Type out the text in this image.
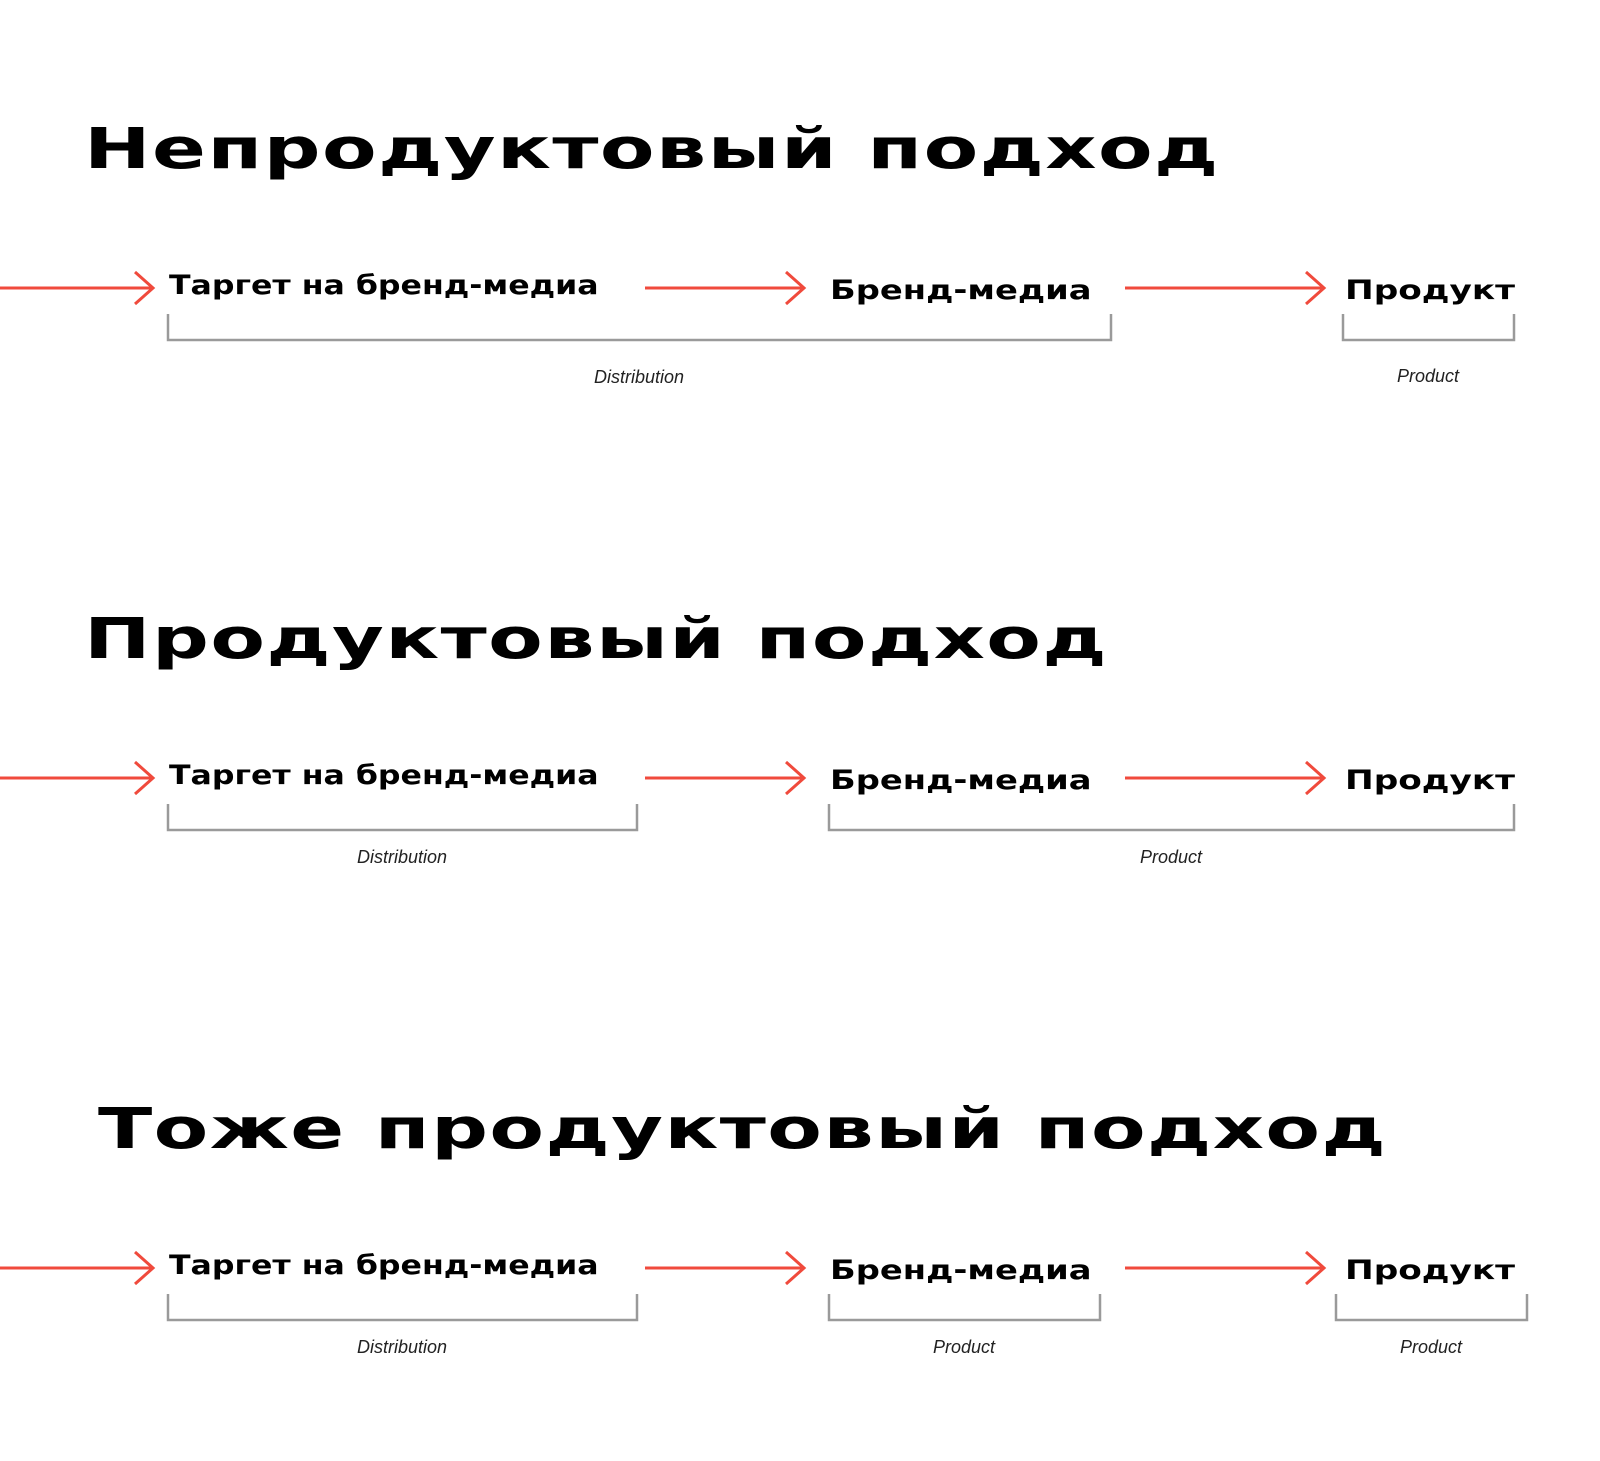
Непродуктовый подход
Таргет на бренд-медиа	Бренд-медиа	Продукт
Distribution	Product
Продуктовый подход
Таргет на бренд-медиа	Бренд-медиа	Продукт
Distribution	Product
Тоже продуктовый подход
Таргет на бренд-медиа	Бренд-медиа	Продукт
Distribution	Product	Product
